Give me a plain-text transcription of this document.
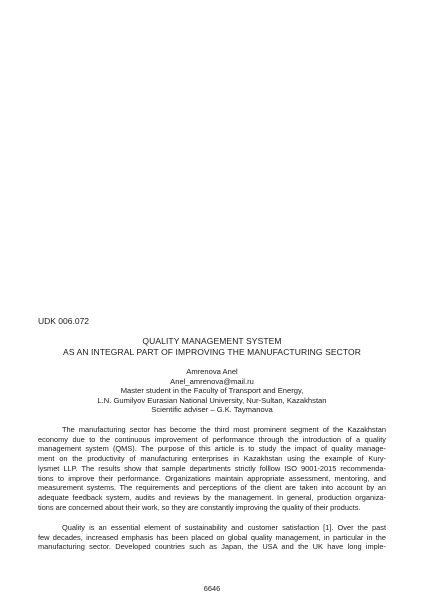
UDK 006.072
QUALITY MANAGEMENT SYSTEM
AS AN INTEGRAL PART OF IMPROVING THE MANUFACTURING SECTOR
Amrenova Anel
Anel_amrenova@mail.ru
Master student in the Faculty of Transport and Energy,
L.N. Gumilyov Eurasian National University, Nur-Sultan, Kazakhstan
Scientific adviser – G.K. Taymanova
The manufacturing sector has become the third most prominent segment of the Kazakhstan
economy due to the continuous improvement of performance through the introduction of a quality
management system (QMS). The purpose of this article is to study the impact of quality manage-
ment on the productivity of manufacturing enterprises in Kazakhstan using the example of Kury-
lysmet LLP. The results show that sample departments strictly folllow ISO 9001-2015 recommenda-
tions to improve their performance. Organizations maintain appropriate assessment, mentoring, and
measurement systems. The requirements and perceptions of the client are taken into account by an
adequate feedback system, audits and reviews by the management. In general, production organiza-
tions are concerned about their work, so they are constantly improving the quality of their products.
Quality is an essential element of sustainability and customer satisfaction [1]. Over the past
few decades, increased emphasis has been placed on global quality management, in particular in the
manufacturing sector. Developed countries such as Japan, the USA and the UK have long imple-
6646
